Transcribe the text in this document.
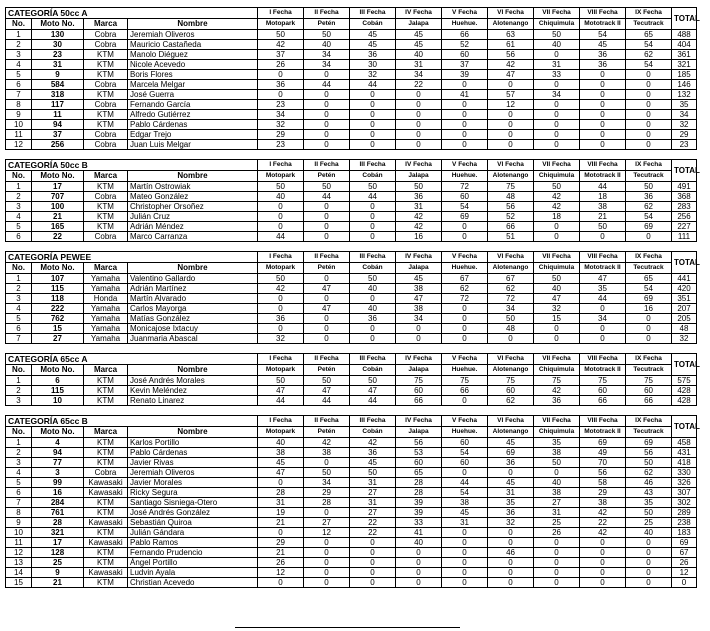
CATEGORÍA 50cc A				I Fecha	II Fecha	III Fecha	IV Fecha	V Fecha	VI Fecha	VII Fecha	VIII Fecha	IX Fecha	TOTAL
No.	Moto No.	Marca	Nombre	Motopark	Petén	Cobán	Jalapa	Huehue.	Alotenango	Chiquimula	Mototrack II	Tecutrack	
1	130	Cobra	Jeremiah Oliveros	50	50	45	45	66	63	50	54	65	488
2	30	Cobra	Mauricio Castañeda	42	40	45	45	52	61	40	45	54	404
3	23	KTM	Manolo Diéguez	37	34	36	40	60	56	0	36	62	361
4	31	KTM	Nicole Acevedo	26	34	30	31	37	42	31	36	54	321
5	9	KTM	Boris Flores	0	0	32	34	39	47	33	0	0	185
6	584	Cobra	Marcela Melgar	36	44	44	22	0	0	0	0	0	146
7	318	KTM	José Guerra	0	0	0	0	41	57	34	0	0	132
8	117	Cobra	Fernando García	23	0	0	0	0	12	0	0	0	35
9	11	KTM	Alfredo Gutiérrez	34	0	0	0	0	0	0	0	0	34
10	94	KTM	Pablo Cárdenas	32	0	0	0	0	0	0	0	0	32
11	37	Cobra	Edgar Trejo	29	0	0	0	0	0	0	0	0	29
12	256	Cobra	Juan Luis Melgar	23	0	0	0	0	0	0	0	0	23
CATEGORÍA 50cc B				I Fecha	II Fecha	III Fecha	IV Fecha	V Fecha	VI Fecha	VII Fecha	VIII Fecha	IX Fecha	TOTAL
No.	Moto No.	Marca	Nombre	Motopark	Petén	Cobán	Jalapa	Huehue.	Alotenango	Chiquimula	Mototrack II	Tecutrack	
1	17	KTM	Martín Ostrowiak	50	50	50	50	72	75	50	44	50	491
2	707	Cobra	Mateo González	40	44	44	36	60	48	42	18	36	368
3	100	KTM	Christopher Orsoñez	0	0	0	31	54	56	42	38	62	283
4	21	KTM	Julián Cruz	0	0	0	42	69	52	18	21	54	256
5	165	KTM	Adrián Méndez	0	0	0	42	0	66	0	50	69	227
6	22	Cobra	Marco Carranza	44	0	0	16	0	51	0	0	0	111
CATEGORÍA PEWEE				I Fecha	II Fecha	III Fecha	IV Fecha	V Fecha	VI Fecha	VII Fecha	VIII Fecha	IX Fecha	TOTAL
No.	Moto No.	Marca	Nombre	Motopark	Petén	Cobán	Jalapa	Huehue.	Alotenango	Chiquimula	Mototrack II	Tecutrack	
1	107	Yamaha	Valentino Gallardo	50	0	50	45	67	67	50	47	65	441
2	115	Yamaha	Adrián Martínez	42	47	40	38	62	62	40	35	54	420
3	118	Honda	Martín Alvarado	0	0	0	47	72	72	47	44	69	351
4	222	Yamaha	Carlos Mayorga	0	47	40	38	0	34	32	0	16	207
5	762	Yamaha	Matías González	36	0	36	34	0	50	15	34	0	205
6	15	Yamaha	Monicajose Ixtacuy	0	0	0	0	0	48	0	0	0	48
7	27	Yamaha	Juanmaria Abascal	32	0	0	0	0	0	0	0	0	32
CATEGORÍA 65cc A				I Fecha	II Fecha	III Fecha	IV Fecha	V Fecha	VI Fecha	VII Fecha	VIII Fecha	IX Fecha	TOTAL
No.	Moto No.	Marca	Nombre	Motopark	Petén	Cobán	Jalapa	Huehue.	Alotenango	Chiquimula	Mototrack II	Tecutrack	
1	6	KTM	José Andrés Morales	50	50	50	75	75	75	75	75	75	575
2	115	KTM	Kevin Meléndez	47	47	47	60	66	60	42	60	60	428
3	10	KTM	Renato Linarez	44	44	44	66	0	62	36	66	66	428
CATEGORÍA 65cc B				I Fecha	II Fecha	III Fecha	IV Fecha	V Fecha	VI Fecha	VII Fecha	VIII Fecha	IX Fecha	TOTAL
No.	Moto No.	Marca	Nombre	Motopark	Petén	Cobán	Jalapa	Huehue.	Alotenango	Chiquimula	Mototrack II	Tecutrack	
1	4	KTM	Karlos Portillo	40	42	42	56	60	45	35	69	69	458
2	94	KTM	Pablo Cárdenas	38	38	36	53	54	69	38	49	56	431
3	77	KTM	Javier Rivas	45	0	45	60	60	36	50	70	50	418
4	3	Cobra	Jeremiah Oliveros	47	50	50	65	0	0	0	56	62	330
5	99	Kawasaki	Javier Morales	0	34	31	28	44	45	40	58	46	326
6	16	Kawasaki	Ricky Segura	28	29	27	28	54	31	38	29	43	307
7	284	KTM	Santiago Sisniega-Otero	31	28	31	39	38	35	27	38	35	302
8	761	KTM	José Andrés González	19	0	27	39	45	36	31	42	50	289
9	28	Kawasaki	Sebastián Quiroa	21	27	22	33	31	32	25	22	25	238
10	321	KTM	Julián Gándara	0	12	22	41	0	0	26	42	40	183
11	17	Kawasaki	Pablo Ramos	29	0	0	40	0	0	0	0	0	69
12	128	KTM	Fernando Prudencio	21	0	0	0	0	46	0	0	0	67
13	25	KTM	Ángel Portillo	26	0	0	0	0	0	0	0	0	26
14	9	Kawasaki	Ludvin Ayala	12	0	0	0	0	0	0	0	0	12
15	21	KTM	Christian Acevedo	0	0	0	0	0	0	0	0	0	0
